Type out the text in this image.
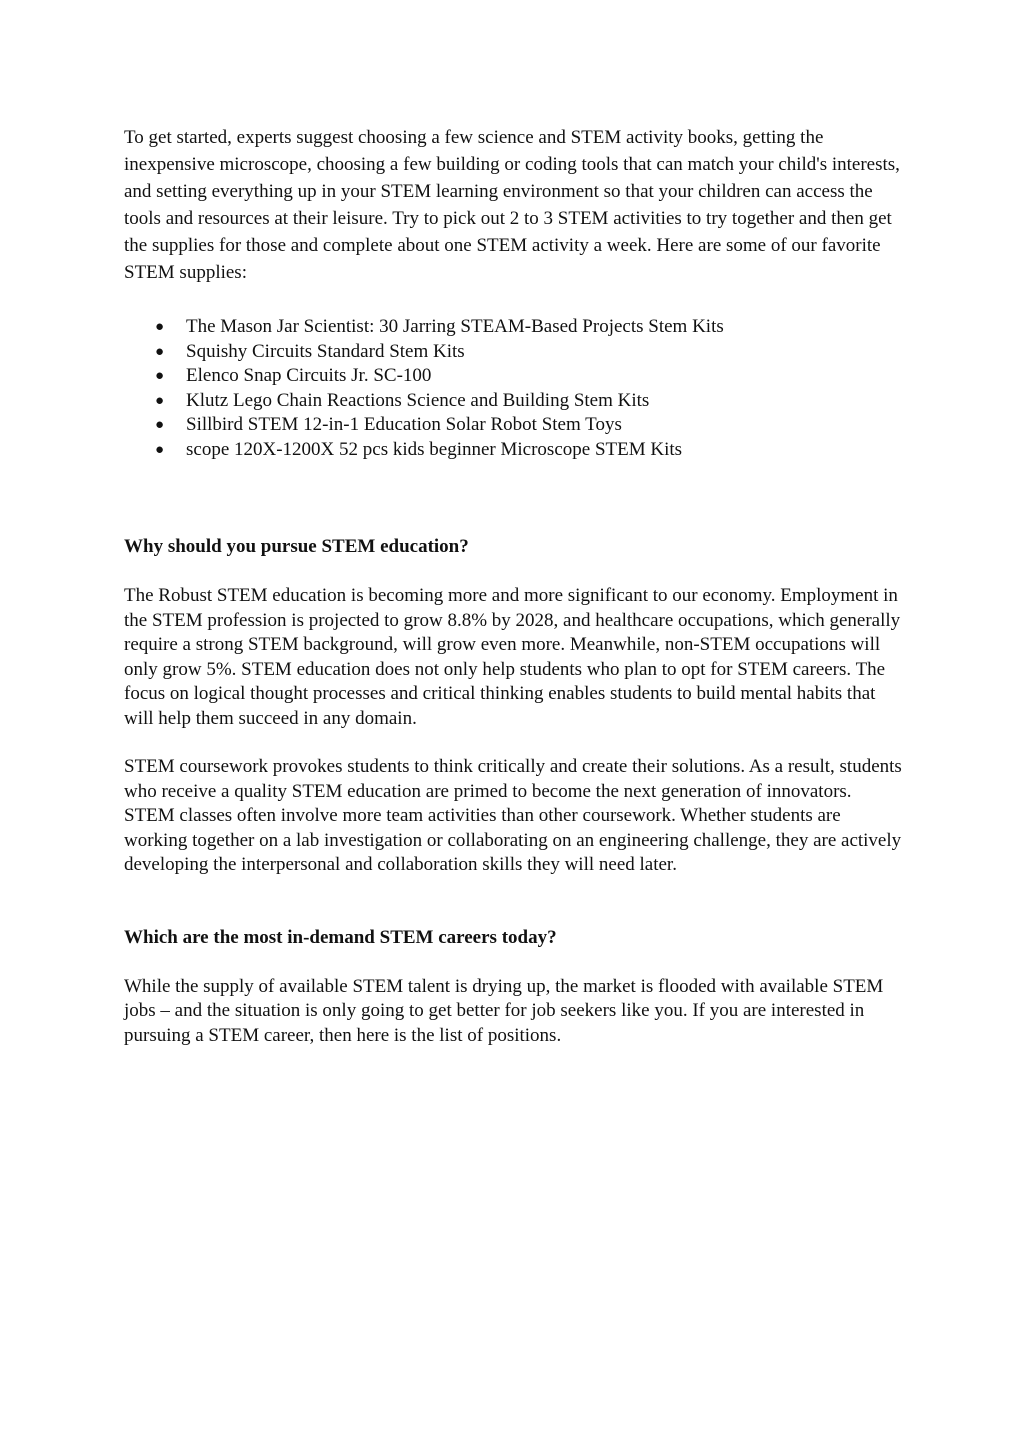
To get started, experts suggest choosing a few science and STEM activity books, getting the inexpensive microscope, choosing a few building or coding tools that can match your child's interests, and setting everything up in your STEM learning environment so that your children can access the tools and resources at their leisure. Try to pick out 2 to 3 STEM activities to try together and then get the supplies for those and complete about one STEM activity a week. Here are some of our favorite STEM supplies:

● The Mason Jar Scientist: 30 Jarring STEAM-Based Projects Stem Kits
● Squishy Circuits Standard Stem Kits
● Elenco Snap Circuits Jr. SC-100
● Klutz Lego Chain Reactions Science and Building Stem Kits
● Sillbird STEM 12-in-1 Education Solar Robot Stem Toys
● scope 120X-1200X 52 pcs kids beginner Microscope STEM Kits
Why should you pursue STEM education?

The Robust STEM education is becoming more and more significant to our economy. Employment in the STEM profession is projected to grow 8.8% by 2028, and healthcare occupations, which generally require a strong STEM background, will grow even more. Meanwhile, non-STEM occupations will only grow 5%. STEM education does not only help students who plan to opt for STEM careers. The focus on logical thought processes and critical thinking enables students to build mental habits that will help them succeed in any domain.

STEM coursework provokes students to think critically and create their solutions. As a result, students who receive a quality STEM education are primed to become the next generation of innovators. STEM classes often involve more team activities than other coursework. Whether students are working together on a lab investigation or collaborating on an engineering challenge, they are actively developing the interpersonal and collaboration skills they will need later.

Which are the most in-demand STEM careers today?

While the supply of available STEM talent is drying up, the market is flooded with available STEM jobs – and the situation is only going to get better for job seekers like you. If you are interested in pursuing a STEM career, then here is the list of positions.
